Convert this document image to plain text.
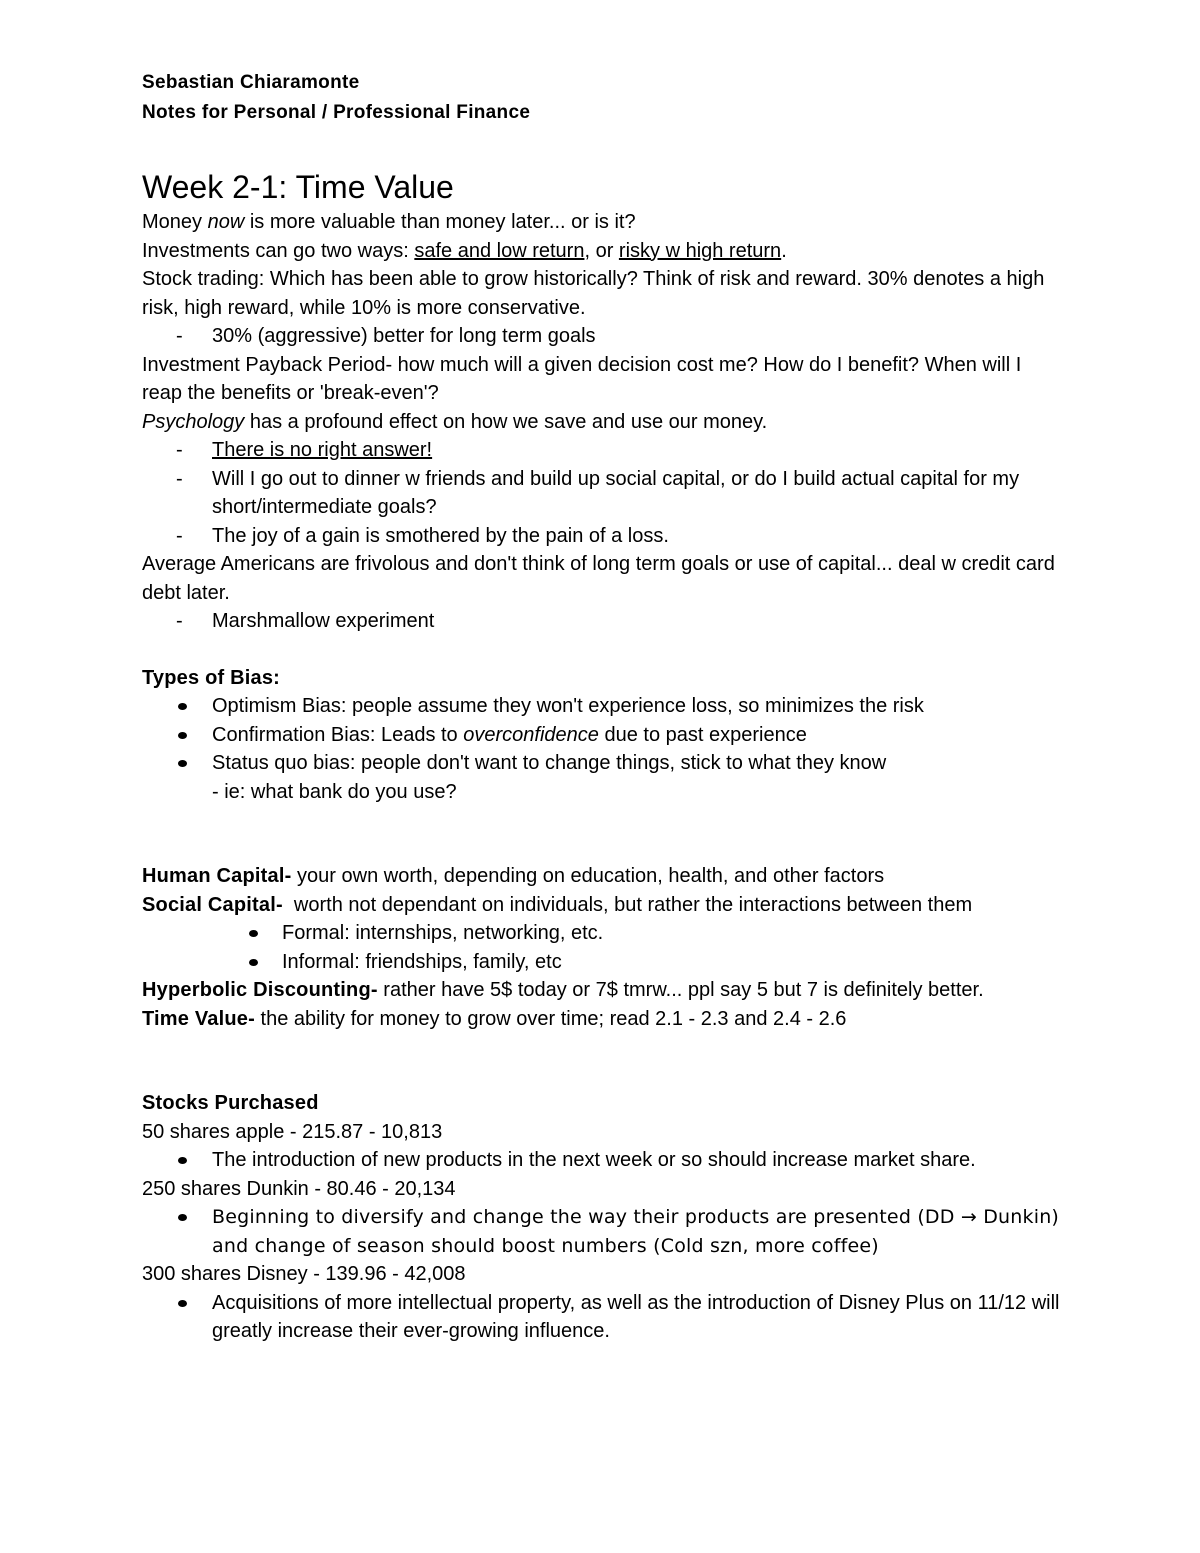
Sebastian Chiaramonte
Notes for Personal / Professional Finance
Week 2-1: Time Value

Money now is more valuable than money later... or is it?

Investments can go two ways: safe and low return, or risky w high return.

Stock trading: Which has been able to grow historically? Think of risk and reward. 30% denotes a high risk, high reward, while 10% is more conservative.

- 30% (aggressive) better for long term goals

Investment Payback Period- how much will a given decision cost me? How do I benefit? When will I reap the benefits or 'break-even'?

Psychology has a profound effect on how we save and use our money.

- There is no right answer!
- Will I go out to dinner w friends and build up social capital, or do I build actual capital for my short/intermediate goals?
- The joy of a gain is smothered by the pain of a loss.

Average Americans are frivolous and don't think of long term goals or use of capital... deal w credit card debt later.

- Marshmallow experiment
Types of Bias:
Optimism Bias: people assume they won't experience loss, so minimizes the risk
Confirmation Bias: Leads to overconfidence due to past experience
Status quo bias: people don't want to change things, stick to what they know
- ie: what bank do you use?

Human Capital- your own worth, depending on education, health, and other factors

Social Capital-  worth not dependant on individuals, but rather the interactions between them

Formal: internships, networking, etc.
Informal: friendships, family, etc

Hyperbolic Discounting- rather have 5$ today or 7$ tmrw... ppl say 5 but 7 is definitely better.

Time Value- the ability for money to grow over time; read 2.1 - 2.3 and 2.4 - 2.6

Stocks Purchased

50 shares apple - 215.87 - 10,813

The introduction of new products in the next week or so should increase market share.

250 shares Dunkin - 80.46 - 20,134

Beginning to diversify and change the way their products are presented (DD → Dunkin) and change of season should boost numbers (Cold szn, more coffee)

300 shares Disney - 139.96 - 42,008

Acquisitions of more intellectual property, as well as the introduction of Disney Plus on 11/12 will greatly increase their ever-growing influence.
